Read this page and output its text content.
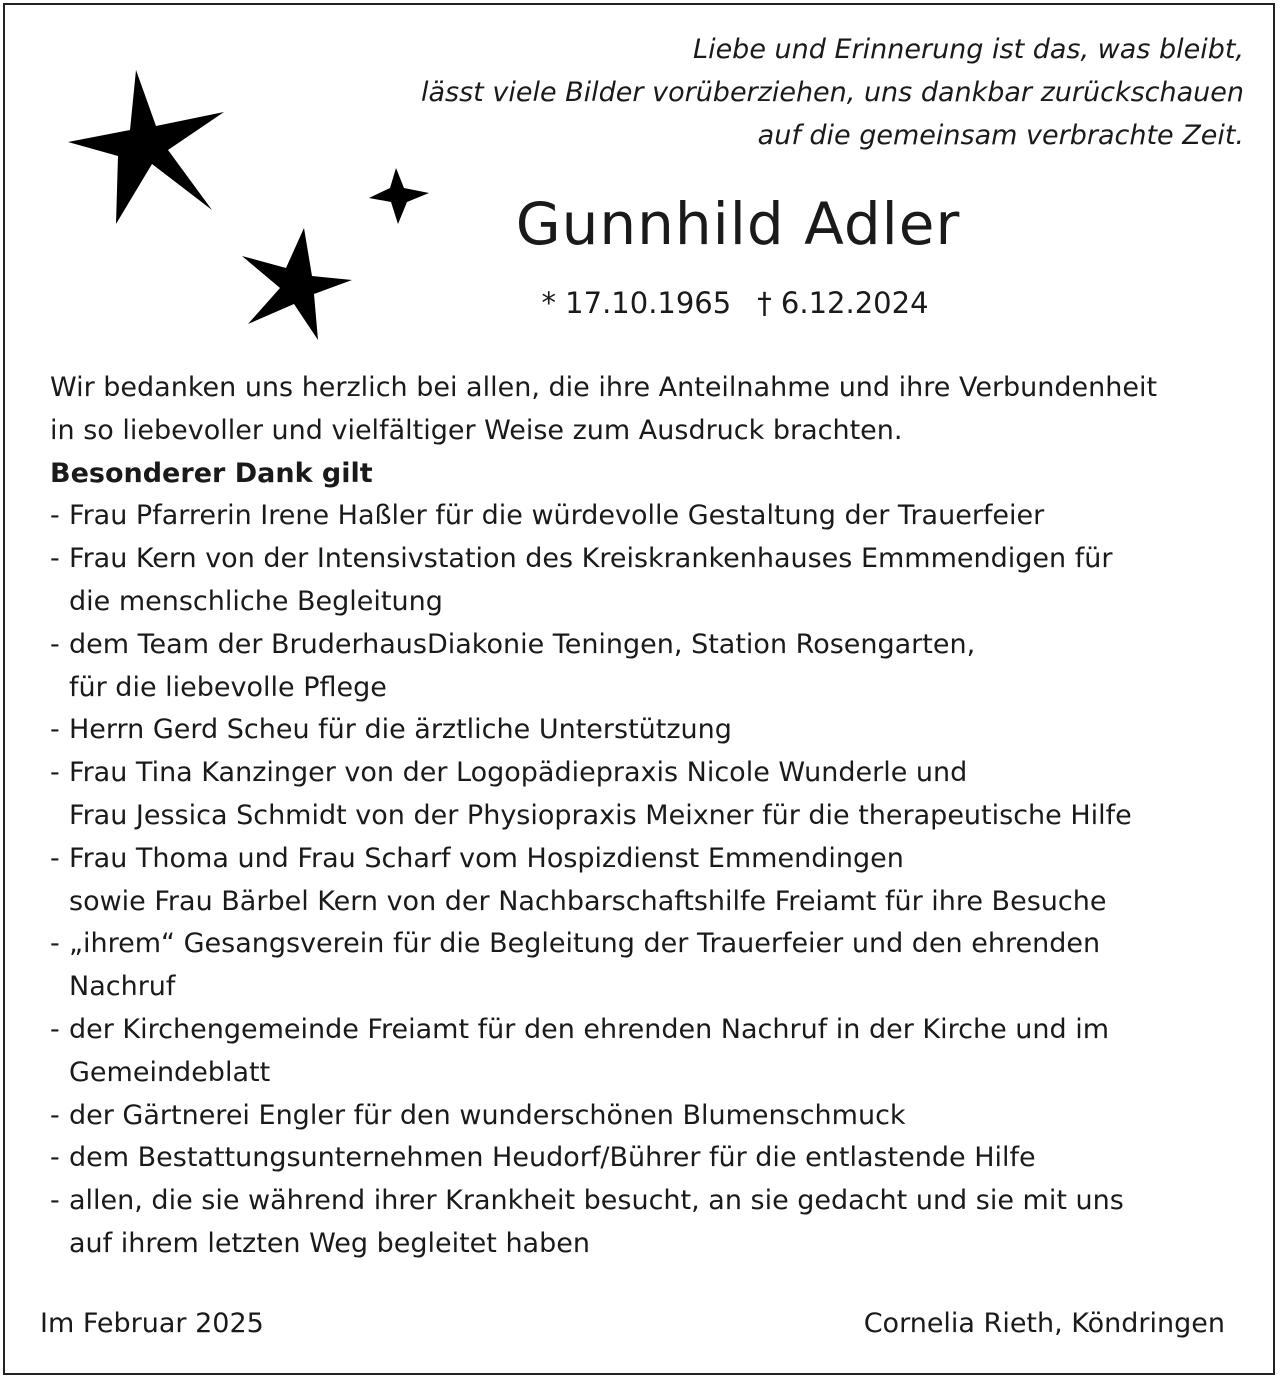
Liebe und Erinnerung ist das, was bleibt,
lässt viele Bilder vorüberziehen, uns dankbar zurückschauen
auf die gemeinsam verbrachte Zeit.
Gunnhild Adler
* 17.10.1965 † 6.12.2024
Wir bedanken uns herzlich bei allen, die ihre Anteilnahme und ihre Verbundenheit
in so liebevoller und vielfältiger Weise zum Ausdruck brachten.
Besonderer Dank gilt
- Frau Pfarrerin Irene Haßler für die würdevolle Gestaltung der Trauerfeier
- Frau Kern von der Intensivstation des Kreiskrankenhauses Emmmendigen für
die menschliche Begleitung
- dem Team der BruderhausDiakonie Teningen, Station Rosengarten,
für die liebevolle Pflege
- Herrn Gerd Scheu für die ärztliche Unterstützung
- Frau Tina Kanzinger von der Logopädiepraxis Nicole Wunderle und
Frau Jessica Schmidt von der Physiopraxis Meixner für die therapeutische Hilfe
- Frau Thoma und Frau Scharf vom Hospizdienst Emmendingen
sowie Frau Bärbel Kern von der Nachbarschaftshilfe Freiamt für ihre Besuche
- „ihrem“ Gesangsverein für die Begleitung der Trauerfeier und den ehrenden
Nachruf
- der Kirchengemeinde Freiamt für den ehrenden Nachruf in der Kirche und im
Gemeindeblatt
- der Gärtnerei Engler für den wunderschönen Blumenschmuck
- dem Bestattungsunternehmen Heudorf/Bührer für die entlastende Hilfe
- allen, die sie während ihrer Krankheit besucht, an sie gedacht und sie mit uns
auf ihrem letzten Weg begleitet haben
Im Februar 2025	Cornelia Rieth, Köndringen
